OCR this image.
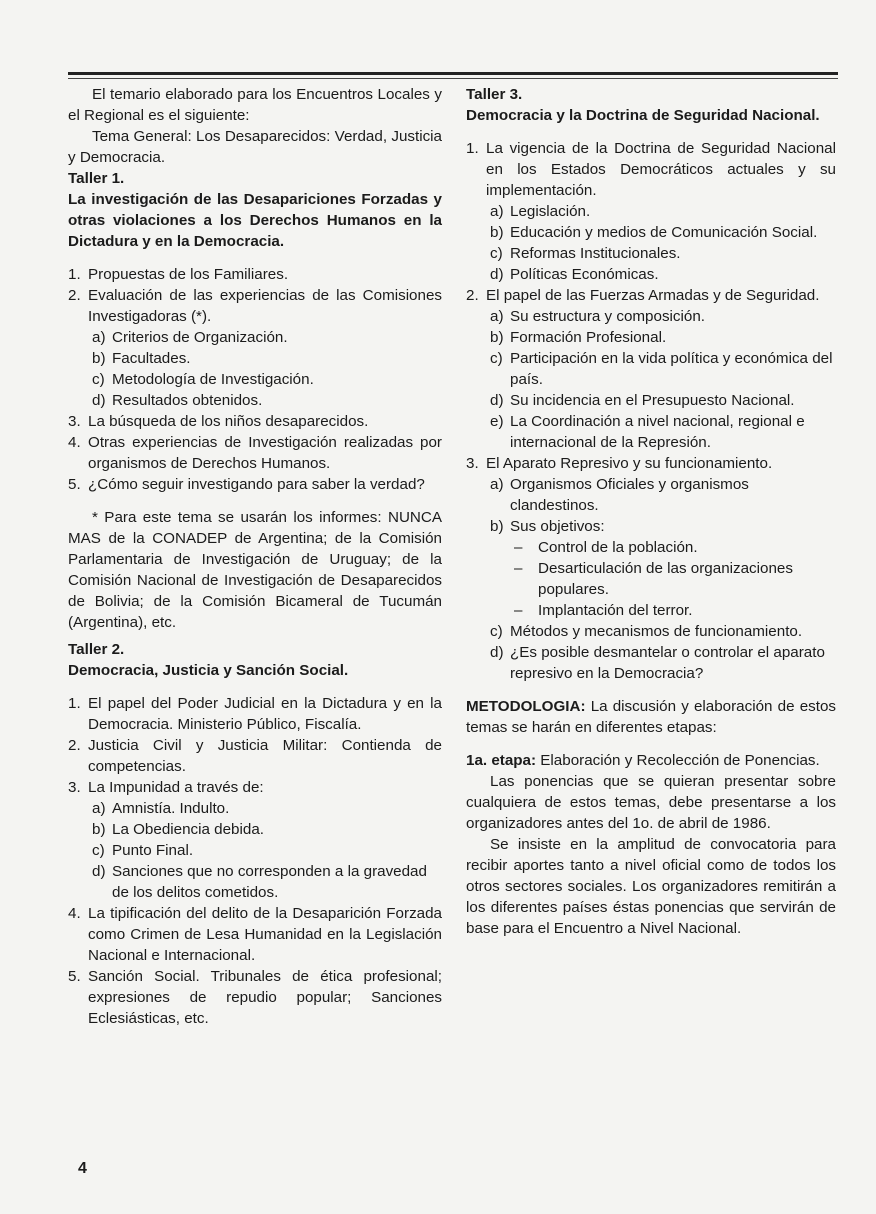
El temario elaborado para los Encuentros Locales y el Regional es el siguiente:

Tema General: Los Desaparecidos: Verdad, Justicia y Democracia.

Taller 1.

La investigación de las Desapariciones Forzadas y otras violaciones a los Derechos Humanos en la Dictadura y en la Democracia.

1. Propuestas de los Familiares.
2. Evaluación de las experiencias de las Comisiones Investigadoras (*).
a) Criterios de Organización.
b) Facultades.
c) Metodología de Investigación.
d) Resultados obtenidos.
3. La búsqueda de los niños desaparecidos.
4. Otras experiencias de Investigación realizadas por organismos de Derechos Humanos.
5. ¿Cómo seguir investigando para saber la verdad?

* Para este tema se usarán los informes: NUNCA MAS de la CONADEP de Argentina; de la Comisión Parlamentaria de Investigación de Uruguay; de la Comisión Nacional de Investigación de Desaparecidos de Bolivia; de la Comisión Bicameral de Tucumán (Argentina), etc.

Taller 2.

Democracia, Justicia y Sanción Social.

1. El papel del Poder Judicial en la Dictadura y en la Democracia. Ministerio Público, Fiscalía.
2. Justicia Civil y Justicia Militar: Contienda de competencias.
3. La Impunidad a través de:
a) Amnistía. Indulto.
b) La Obediencia debida.
c) Punto Final.
d) Sanciones que no corresponden a la gravedad de los delitos cometidos.
4. La tipificación del delito de la Desaparición Forzada como Crimen de Lesa Humanidad en la Legislación Nacional e Internacional.
5. Sanción Social. Tribunales de ética profesional; expresiones de repudio popular; Sanciones Eclesiásticas, etc.

Taller 3.

Democracia y la Doctrina de Seguridad Nacional.

1. La vigencia de la Doctrina de Seguridad Nacional en los Estados Democráticos actuales y su implementación.
a) Legislación.
b) Educación y medios de Comunicación Social.
c) Reformas Institucionales.
d) Políticas Económicas.
2. El papel de las Fuerzas Armadas y de Seguridad.
a) Su estructura y composición.
b) Formación Profesional.
c) Participación en la vida política y económica del país.
d) Su incidencia en el Presupuesto Nacional.
e) La Coordinación a nivel nacional, regional e internacional de la Represión.
3. El Aparato Represivo y su funcionamiento.
a) Organismos Oficiales y organismos clandestinos.
b) Sus objetivos:
–	Control de la población.
–	Desarticulación de las organizaciones populares.
–	Implantación del terror.
c) Métodos y mecanismos de funcionamiento.
d) ¿Es posible desmantelar o controlar el aparato represivo en la Democracia?

METODOLOGIA: La discusión y elaboración de estos temas se harán en diferentes etapas:

1a. etapa: Elaboración y Recolección de Ponencias.

Las ponencias que se quieran presentar sobre cualquiera de estos temas, debe presentarse a los organizadores antes del 1o. de abril de 1986.

Se insiste en la amplitud de convocatoria para recibir aportes tanto a nivel oficial como de todos los otros sectores sociales. Los organizadores remitirán a los diferentes países éstas ponencias que servirán de base para el Encuentro a Nivel Nacional.

4
